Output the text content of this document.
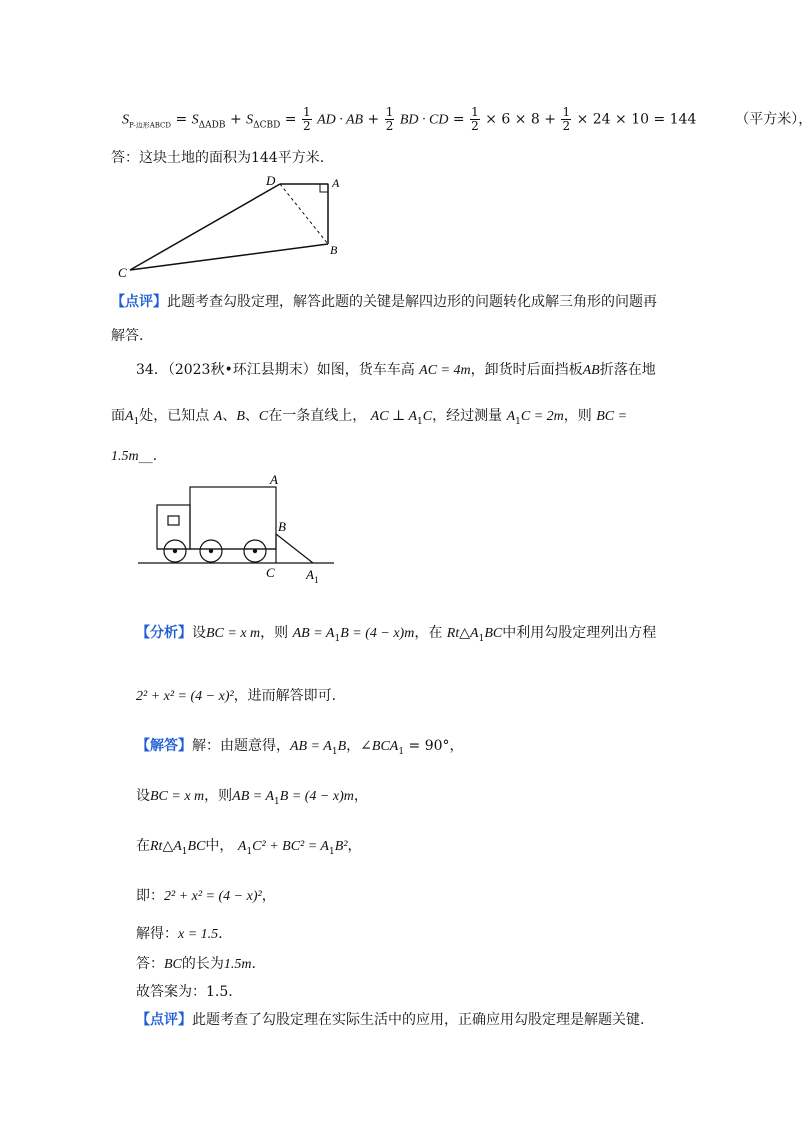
$S_{P-边形ABCD} = S_{\Delta ADB} + S_{\Delta CBD} = \frac{1}{2}$ AD · AB + $\frac{1}{2}$ BD · CD = $\frac{1}{2} \times 6 \times 8 + \frac{1}{2} \times 24 \times 10 = 144$	（平方米），
答：这块土地的面积为144平方米.
D	A
B
C
【点评】此题考查勾股定理，解答此题的关键是解四边形的问题转化成解三角形的问题再
解答.
34．（2023秋•环江县期末）如图，货车车高 AC = 4m，卸货时后面挡板AB折落在地
面$A_1$处，已知点 A、B、C在一条直线上， AC ⊥ $A_1C$，经过测量 $A_1C = 2m$，则 BC =
1.5m__.
A
B
C $A_1$
【分析】设BC = x m，则 AB = $A_1B = (4 - x)m$，在 $Rt\triangle A_1BC$中利用勾股定理列出方程
2² + x² = (4 − x)²，进而解答即可.
【解答】解：由题意得，AB = $A_1B$，$\angle BCA_1 = 90^\circ$，
设BC = x m，则AB = $A_1B = (4 - x)m$，
在$Rt\triangle A_1BC$中， $A_1C^2 + BC^2 = A_1B^2$，
即：2² + x² = (4 − x)²，
解得：x = 1.5.
答：BC的长为1.5m.
故答案为：1.5.
【点评】此题考查了勾股定理在实际生活中的应用，正确应用勾股定理是解题关键.
